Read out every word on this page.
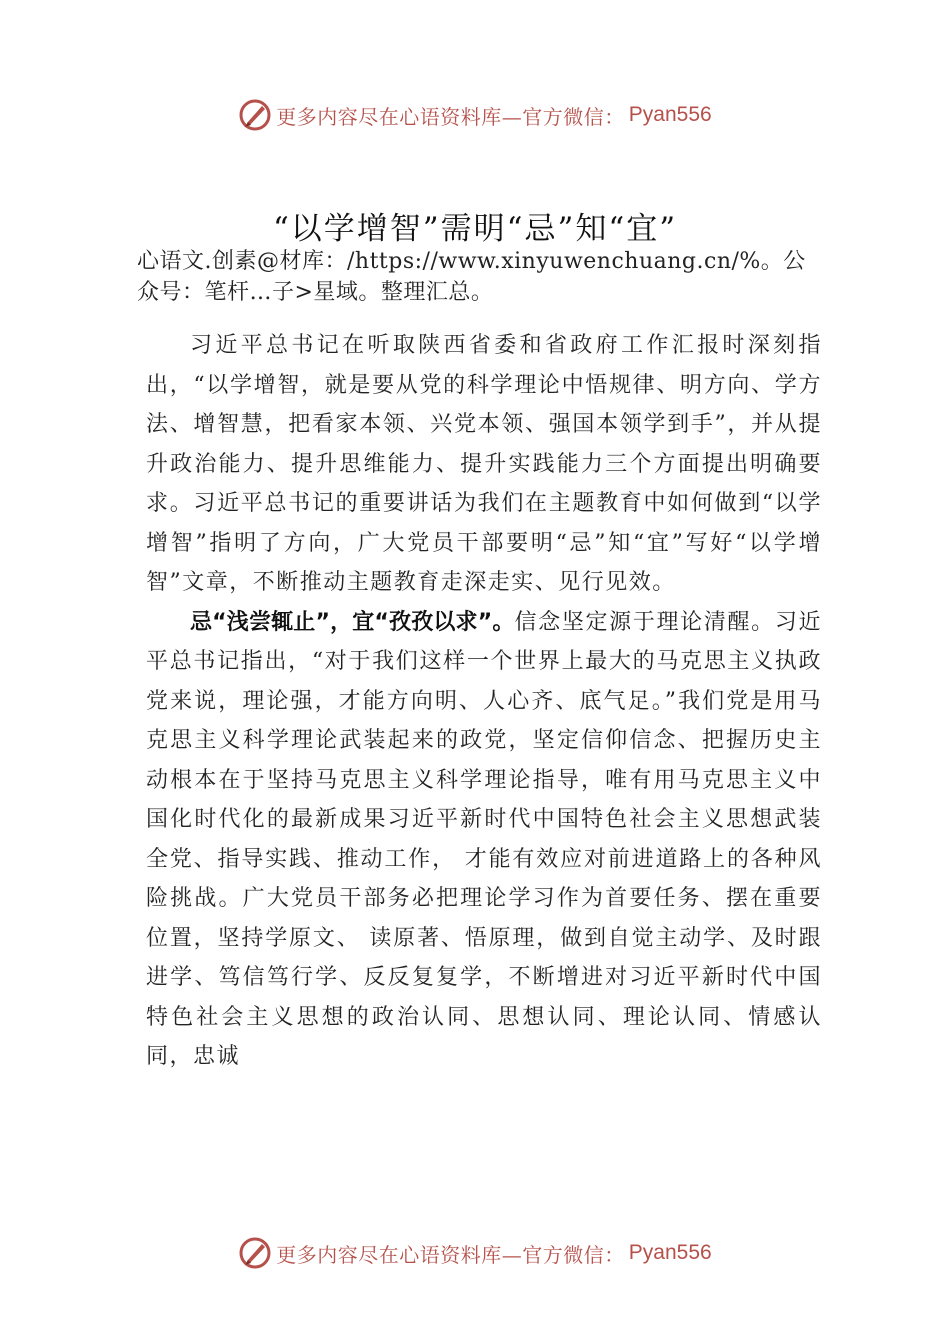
更多内容尽在心语资料库—官方微信： Pyan556
“以学增智”需明“忌”知“宜”
心语文.创素@材库：/https://www.xinyuwenchuang.cn/%。公众号：笔杆…子>星域。整理汇总。

习近平总书记在听取陕西省委和省政府工作汇报时深刻指出，“以学增智，就是要从党的科学理论中悟规律、明方向、学方法、增智慧，把看家本领、兴党本领、强国本领学到手”，并从提升政治能力、提升思维能力、提升实践能力三个方面提出明确要求。习近平总书记的重要讲话为我们在主题教育中如何做到“以学增智”指明了方向，广大党员干部要明“忌”知“宜”写好“以学增智”文章，不断推动主题教育走深走实、见行见效。

忌“浅尝辄止”，宜“孜孜以求”。信念坚定源于理论清醒。习近平总书记指出，“对于我们这样一个世界上最大的马克思主义执政党来说，理论强，才能方向明、人心齐、底气足。”我们党是用马克思主义科学理论武装起来的政党，坚定信仰信念、把握历史主动根本在于坚持马克思主义科学理论指导，唯有用马克思主义中国化时代化的最新成果习近平新时代中国特色社会主义思想武装全党、指导实践、推动工作， 才能有效应对前进道路上的各种风险挑战。广大党员干部务必把理论学习作为首要任务、摆在重要位置，坚持学原文、 读原著、悟原理，做到自觉主动学、及时跟进学、笃信笃行学、反反复复学，不断增进对习近平新时代中国特色社会主义思想的政治认同、思想认同、理论认同、情感认同，忠诚

更多内容尽在心语资料库—官方微信： Pyan556
